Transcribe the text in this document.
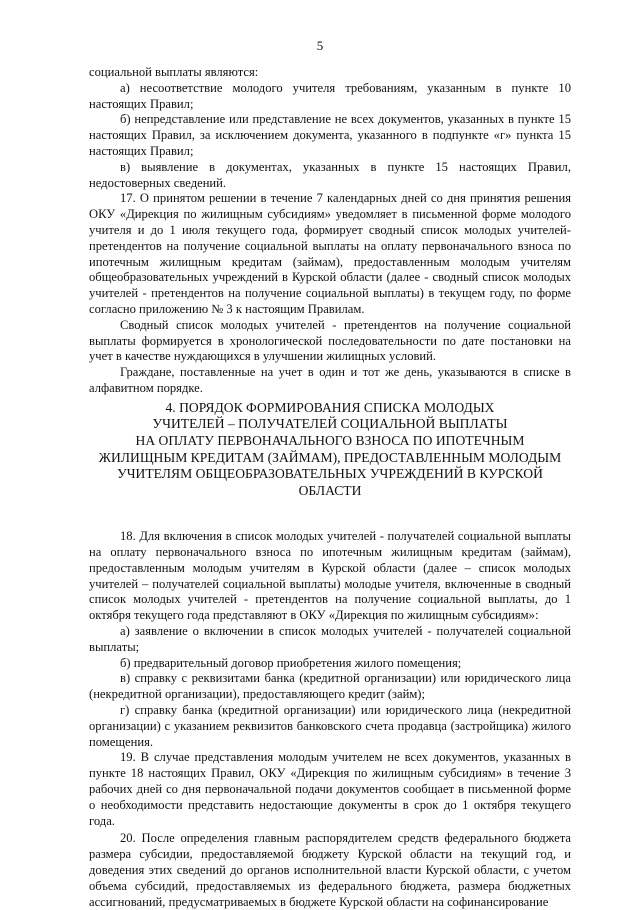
5

социальной выплаты являются:

а) несоответствие молодого учителя требованиям, указанным в пункте 10 настоящих Правил;

б) непредставление или представление не всех документов, указанных в пункте 15 настоящих Правил, за исключением документа, указанного в подпункте «г» пункта 15 настоящих Правил;

в) выявление в документах, указанных в пункте 15 настоящих Правил, недостоверных сведений.

17. О принятом решении в течение 7 календарных дней со дня принятия решения ОКУ «Дирекция по жилищным субсидиям» уведомляет в письменной форме молодого учителя и до 1 июля текущего года, формирует сводный список молодых учителей-претендентов на получение социальной выплаты на оплату первоначального взноса по ипотечным жилищным кредитам (займам), предоставленным молодым учителям общеобразовательных учреждений в Курской области (далее - сводный список молодых учителей - претендентов на получение социальной выплаты) в текущем году, по форме согласно приложению № 3 к настоящим Правилам.

Сводный список молодых учителей - претендентов на получение социальной выплаты формируется в хронологической последовательности по дате постановки на учет в качестве нуждающихся в улучшении жилищных условий.

Граждане, поставленные на учет в один и тот же день, указываются в списке в алфавитном порядке.

4. ПОРЯДОК ФОРМИРОВАНИЯ СПИСКА МОЛОДЫХ
УЧИТЕЛЕЙ – ПОЛУЧАТЕЛЕЙ СОЦИАЛЬНОЙ ВЫПЛАТЫ
НА ОПЛАТУ ПЕРВОНАЧАЛЬНОГО ВЗНОСА ПО ИПОТЕЧНЫМ
ЖИЛИЩНЫМ КРЕДИТАМ (ЗАЙМАМ), ПРЕДОСТАВЛЕННЫМ МОЛОДЫМ
УЧИТЕЛЯМ ОБЩЕОБРАЗОВАТЕЛЬНЫХ УЧРЕЖДЕНИЙ В КУРСКОЙ ОБЛАСТИ

18. Для включения в список молодых учителей - получателей социальной выплаты на оплату первоначального взноса по ипотечным жилищным кредитам (займам), предоставленным молодым учителям в Курской области (далее – список молодых учителей – получателей социальной выплаты) молодые учителя, включенные в сводный список молодых учителей - претендентов на получение социальной выплаты, до 1 октября текущего года представляют в ОКУ «Дирекция по жилищным субсидиям»:

а) заявление о включении в список молодых учителей - получателей социальной выплаты;

б) предварительный договор приобретения жилого помещения;

в) справку с реквизитами банка (кредитной организации) или юридического лица (некредитной организации), предоставляющего кредит (займ);

г) справку банка (кредитной организации) или юридического лица (некредитной организации) с указанием реквизитов банковского счета продавца (застройщика) жилого помещения.

19. В случае представления молодым учителем не всех документов, указанных в пункте 18 настоящих Правил, ОКУ «Дирекция по жилищным субсидиям» в течение 3 рабочих дней со дня первоначальной подачи документов сообщает в письменной форме о необходимости представить недостающие документы в срок до 1 октября текущего года.

20. После определения главным распорядителем средств федерального бюджета размера субсидии, предоставляемой бюджету Курской области на текущий год, и доведения этих сведений до органов исполнительной власти Курской области, с учетом объема субсидий, предоставляемых из федерального бюджета, размера бюджетных ассигнований, предусматриваемых в бюджете Курской области на софинансирование
